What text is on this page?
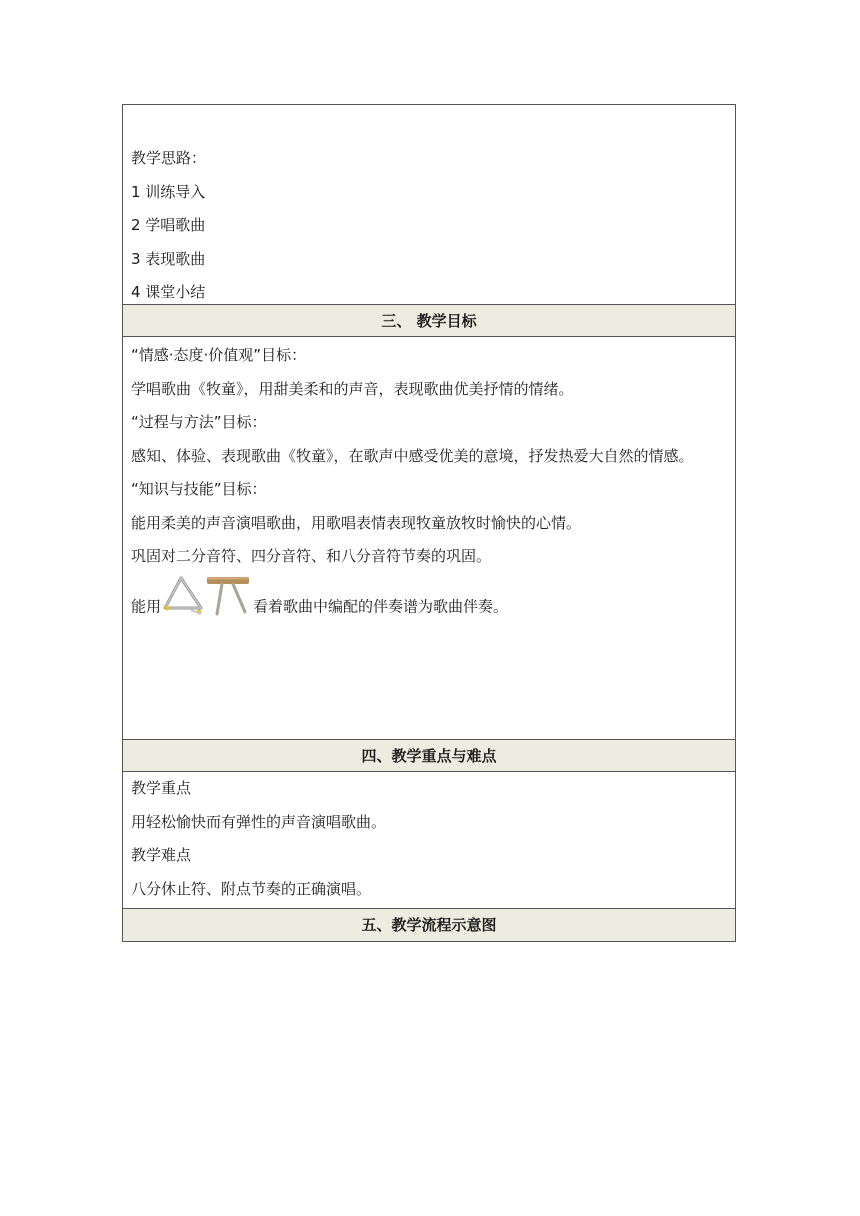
教学思路：
1 训练导入
2 学唱歌曲
3 表现歌曲
4 课堂小结
三、 教学目标
“情感·态度·价值观”目标：
学唱歌曲《牧童》，用甜美柔和的声音，表现歌曲优美抒情的情绪。
“过程与方法”目标：
感知、体验、表现歌曲《牧童》，在歌声中感受优美的意境，抒发热爱大自然的情感。
“知识与技能”目标：
能用柔美的声音演唱歌曲，用歌唱表情表现牧童放牧时愉快的心情。
巩固对二分音符、四分音符、和八分音符节奏的巩固。
能用	看着歌曲中编配的伴奏谱为歌曲伴奏。
四、教学重点与难点
教学重点
用轻松愉快而有弹性的声音演唱歌曲。
教学难点
八分休止符、附点节奏的正确演唱。
五、教学流程示意图
